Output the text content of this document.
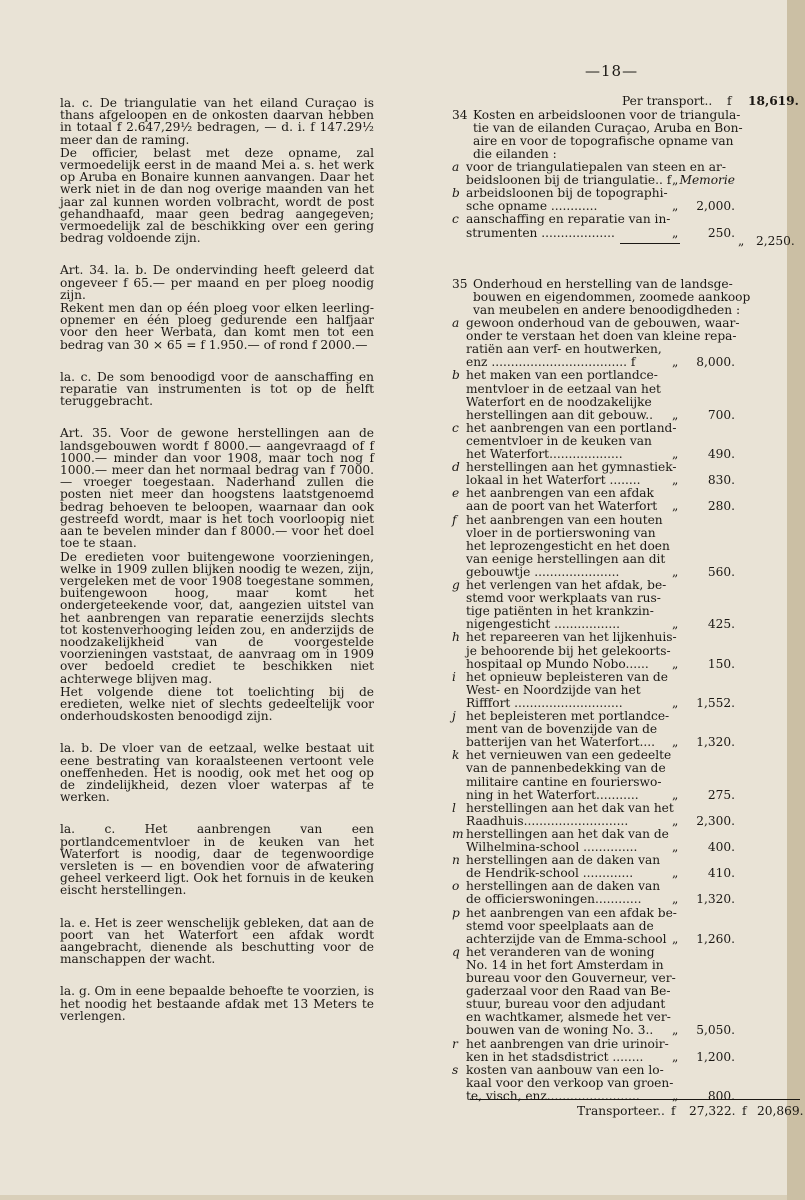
—18—

la. c. De triangulatie van het eiland Curaçao is thans afgeloopen en de onkosten daarvan hebben in totaal f 2.647,29½ bedragen, — d. i. f 147.29½ meer dan de raming.

De officier, belast met deze opname, zal vermoedelijk eerst in de maand Mei a. s. het werk op Aruba en Bonaire kunnen aanvangen. Daar het werk niet in de dan nog overige maanden van het jaar zal kunnen worden volbracht, wordt de post gehandhaafd, maar geen bedrag aangegeven; vermoedelijk zal de beschikking over een gering bedrag voldoende zijn.

Art. 34. la. b. De ondervinding heeft geleerd dat ongeveer f 65.— per maand en per ploeg noodig zijn.

Rekent men dan op één ploeg voor elken leerling-opnemer en één ploeg gedurende een halfjaar voor den heer Werbata, dan komt men tot een bedrag van 30 × 65 = f 1.950.— of rond f 2000.—

la. c. De som benoodigd voor de aanschaffing en reparatie van instrumenten is tot op de helft teruggebracht.

Art. 35. Voor de gewone herstellingen aan de landsgebouwen wordt f 8000.— aangevraagd of f 1000.— minder dan voor 1908, maar toch nog f 1000.— meer dan het normaal bedrag van f 7000.— vroeger toegestaan. Naderhand zullen die posten niet meer dan hoogstens laatstgenoemd bedrag behoeven te beloopen, waarnaar dan ook gestreefd wordt, maar is het toch voorloopig niet aan te bevelen minder dan f 8000.— voor het doel toe te staan.

De eredieten voor buitengewone voorzieningen, welke in 1909 zullen blijken noodig te wezen, zijn, vergeleken met de voor 1908 toegestane sommen, buitengewoon hoog, maar komt het ondergeteekende voor, dat, aangezien uitstel van het aanbrengen van reparatie eenerzijds slechts tot kostenverhooging leiden zou, en anderzijds de noodzakelijkheid van de voorgestelde voorzieningen vaststaat, de aanvraag om in 1909 over bedoeld crediet te beschikken niet achterwege blijven mag.

Het volgende diene tot toelichting bij de eredieten, welke niet of slechts gedeeltelijk voor onderhoudskosten benoodigd zijn.

la. b. De vloer van de eetzaal, welke bestaat uit eene bestrating van koraalsteenen vertoont vele oneffenheden. Het is noodig, ook met het oog op de zindelijkheid, dezen vloer waterpas af te werken.

la. c. Het aanbrengen van een portlandcementvloer in de keuken van het Waterfort is noodig, daar de tegenwoordige versleten is — en bovendien voor de afwatering geheel verkeerd ligt. Ook het fornuis in de keuken eischt herstellingen.

la. e. Het is zeer wenschelijk gebleken, dat aan de poort van het Waterfort een afdak wordt aangebracht, dienende als beschutting voor de manschappen der wacht.

la. g. Om in eene bepaalde behoefte te voorzien, is het noodig het bestaande afdak met 13 Meters te verlengen.

Per transport.. f 18,619.
34 Kosten en arbeidsloonen voor de triangula-
tie van de eilanden Curaçao, Aruba en Bon-
aire en voor de topografische opname van
die eilanden :
a voor de triangulatiepalen van steen en ar-
beidsloonen bij de triangulatie.. f „ Memorie
b arbeidsloonen bij de topographi-
sche opname ............	„	2,000.
c aanschaffing en reparatie van in-
strumenten ...................	„	250.
„ 2,250.
35 Onderhoud en herstelling van de landsge-
bouwen en eigendommen, zoomede aankoop
van meubelen en andere benoodigdheden :
a gewoon onderhoud van de gebouwen, waar-
onder te verstaan het doen van kleine repa-
ratiën aan verf- en houtwerken,
enz ................................... f	„	8,000.
b het maken van een portlandce-
mentvloer in de eetzaal van het
Waterfort en de noodzakelijke
herstellingen aan dit gebouw.. „	700.
c het aanbrengen van een portland-
cementvloer in de keuken van
het Waterfort...................	„	490.
d herstellingen aan het gymnastiek-
lokaal in het Waterfort ........	„	830.
e het aanbrengen van een afdak
aan de poort van het Waterfort „	280.
f het aanbrengen van een houten
vloer in de portierswoning van
het leprozengesticht en het doen
van eenige herstellingen aan dit
gebouwtje ......................	„	560.
g het verlengen van het afdak, be-
stemd voor werkplaats van rus-
tige patiënten in het krankzin-
nigengesticht .................	„	425.
h het repareeren van het lijkenhuis-
je behoorende bij het gelekoorts-
hospitaal op Mundo Nobo...... „	150.
i het opnieuw bepleisteren van de
West- en Noordzijde van het
Rifffort ............................	„	1,552.
j het bepleisteren met portlandce-
ment van de bovenzijde van de
batterijen van het Waterfort.... „	1,320.
k het vernieuwen van een gedeelte
van de pannenbedekking van de
militaire cantine en fourierswo-
ning in het Waterfort...........	„	275.
l herstellingen aan het dak van het
Raadhuis...........................	„	2,300.
m herstellingen aan het dak van de
Wilhelmina-school ..............	„	400.
n herstellingen aan de daken van
de Hendrik-school .............	„	410.
o herstellingen aan de daken van
de officierswoningen............ „	1,320.
p het aanbrengen van een afdak be-
stemd voor speelplaats aan de
achterzijde van de Emma-school „	1,260.
q het veranderen van de woning
No. 14 in het fort Amsterdam in
bureau voor den Gouverneur, ver-
gaderzaal voor den Raad van Be-
stuur, bureau voor den adjudant
en wachtkamer, alsmede het ver-
bouwen van de woning No. 3.. „	5,050.
r het aanbrengen van drie urinoir-
ken in het stadsdistrict ........ „	1,200.
s kosten van aanbouw van een lo-
kaal voor den verkoop van groen-
te, visch, enz........................	„	800.
Transporteer.. f 27,322. f 20,869.
